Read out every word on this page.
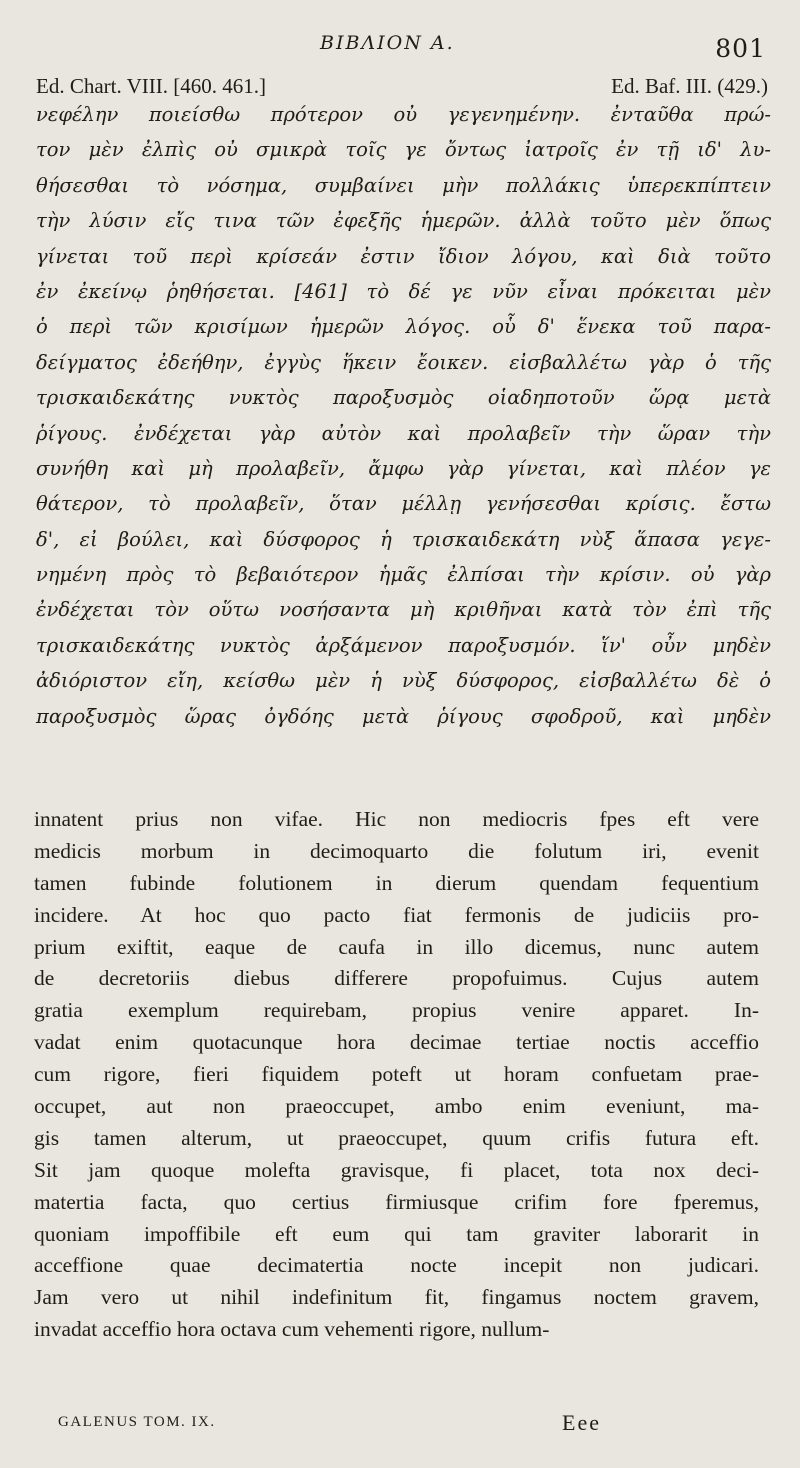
BIBΛION A.	801
Ed. Chart. VIII. [460. 461.]	Ed. Baf. III. (429.)
νεφέλην ποιείσθω πρότερον οὐ γεγενημένην. ἐνταῦθα πρώ-
τον μὲν ἐλπὶς οὐ σμικρὰ τοῖς γε ὄντως ἰατροῖς ἐν τῇ ιδ' λυ-
θήσεσθαι τὸ νόσημα, συμβαίνει μὴν πολλάκις ὑπερεκπίπτειν
τὴν λύσιν εἴς τινα τῶν ἐφεξῆς ἡμερῶν. ἀλλὰ τοῦτο μὲν ὅπως
γίνεται τοῦ περὶ κρίσεάν ἐστιν ἴδιον λόγου, καὶ διὰ τοῦτο
ἐν ἐκείνῳ ῥηθήσεται. [461] τὸ δέ γε νῦν εἶναι πρόκειται μὲν
ὁ περὶ τῶν κρισίμων ἡμερῶν λόγος. οὗ δ' ἕνεκα τοῦ παρα-
δείγματος ἐδεήθην, ἐγγὺς ἥκειν ἔοικεν. εἰσβαλλέτω γὰρ ὁ τῆς
τρισκαιδεκάτης νυκτὸς παροξυσμὸς οἱαδηποτοῦν ὥρᾳ μετὰ
ῥίγους. ἐνδέχεται γὰρ αὐτὸν καὶ προλαβεῖν τὴν ὥραν τὴν
συνήθη καὶ μὴ προλαβεῖν, ἄμφω γὰρ γίνεται, καὶ πλέον γε
θάτερον, τὸ προλαβεῖν, ὅταν μέλλῃ γενήσεσθαι κρίσις. ἔστω
δ', εἰ βούλει, καὶ δύσφορος ἡ τρισκαιδεκάτη νὺξ ἅπασα γεγε-
νημένη πρὸς τὸ βεβαιότερον ἡμᾶς ἐλπίσαι τὴν κρίσιν. οὐ γὰρ
ἐνδέχεται τὸν οὕτω νοσήσαντα μὴ κριθῆναι κατὰ τὸν ἐπὶ τῆς
τρισκαιδεκάτης νυκτὸς ἀρξάμενον παροξυσμόν. ἵν' οὖν μηδὲν
ἀδιόριστον εἴη, κείσθω μὲν ἡ νὺξ δύσφορος, εἰσβαλλέτω δὲ ὁ
παροξυσμὸς ὥρας ὀγδόης μετὰ ῥίγους σφοδροῦ, καὶ μηδὲν
innatent prius non vifae. Hic non mediocris fpes eft vere
medicis morbum in decimoquarto die folutum iri, evenit
tamen fubinde folutionem in dierum quendam fequentium
incidere. At hoc quo pacto fiat fermonis de judiciis pro-
prium exiftit, eaque de caufa in illo dicemus, nunc autem
de decretoriis diebus differere propofuimus. Cujus autem
gratia exemplum requirebam, propius venire apparet. In-
vadat enim quotacunque hora decimae tertiae noctis acceffio
cum rigore, fieri fiquidem poteft ut horam confuetam prae-
occupet, aut non praeoccupet, ambo enim eveniunt, ma-
gis tamen alterum, ut praeoccupet, quum crifis futura eft.
Sit jam quoque molefta gravisque, fi placet, tota nox deci-
matertia facta, quo certius firmiusque crifim fore fperemus,
quoniam impoffibile eft eum qui tam graviter laborarit in
acceffione quae decimatertia nocte incepit non judicari.
Jam vero ut nihil indefinitum fit, fingamus noctem gravem,
invadat acceffio hora octava cum vehementi rigore, nullum-
GALENUS TOM. IX.	Eee
